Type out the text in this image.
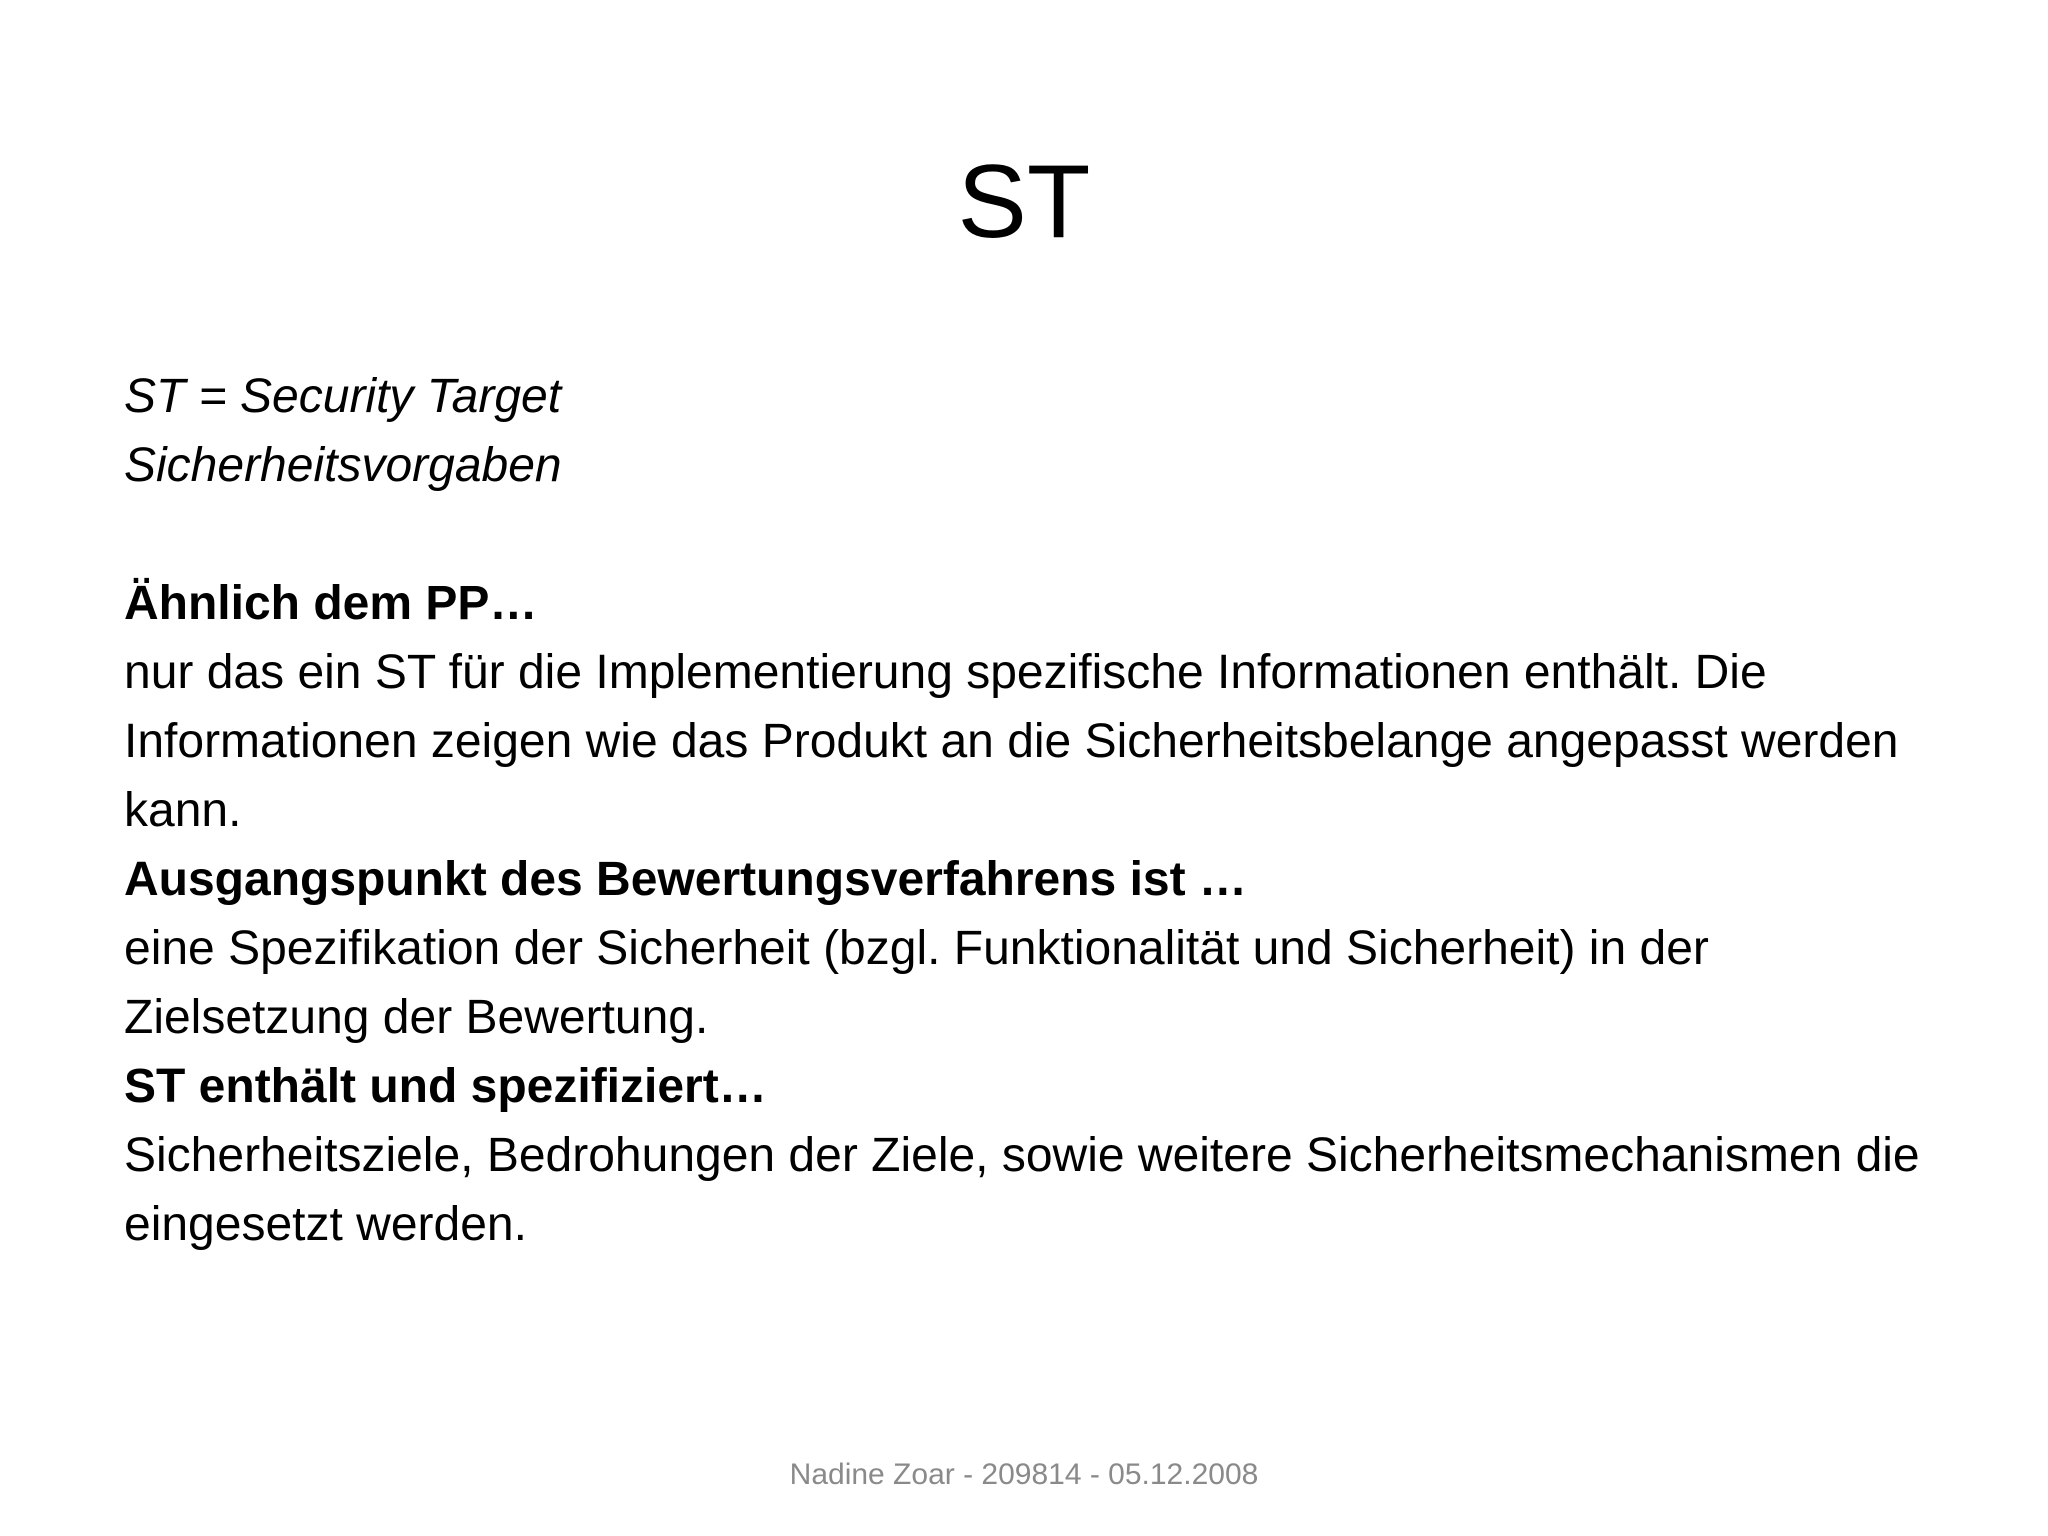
ST

ST = Security Target

Sicherheitsvorgaben

Ähnlich dem PP…

nur das ein ST für die Implementierung spezifische Informationen enthält. Die Informationen zeigen wie das Produkt an die Sicherheitsbelange angepasst werden kann.

Ausgangspunkt des Bewertungsverfahrens ist …

eine Spezifikation der Sicherheit (bzgl. Funktionalität und Sicherheit) in der Zielsetzung der Bewertung.

ST enthält und spezifiziert…

Sicherheitsziele, Bedrohungen der Ziele, sowie weitere Sicherheitsmechanismen die eingesetzt werden.

Nadine Zoar - 209814 - 05.12.2008
